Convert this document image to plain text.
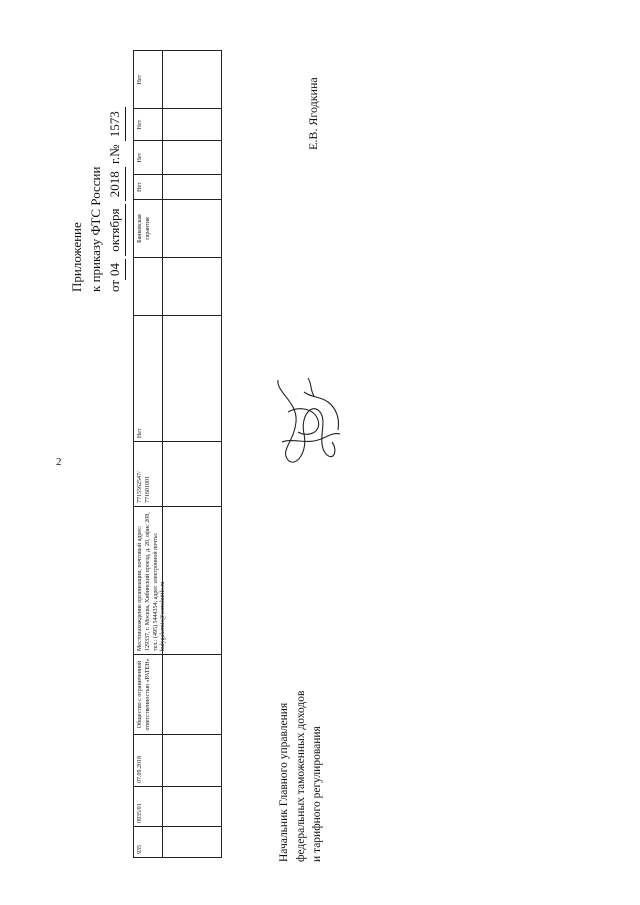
2
935
0935/01
07.09.2018
Общество с ограниченной ответственностью «РАТЕН»
Местонахождение организации, почтовый адрес: 129337, г. Москва, Хибинский проезд, д. 20, офис 208, тел.: (495) 5444354; адрес электронной почты: bulygakemic@comshuttle.ru
7715562547/ 771601001
Нет
Банковская гарантия
Нет
Нет
Нет
Нет
Приложение к приказу ФТС России от04 октября 2018 г.№ 1573
Начальник Главного управления федеральных таможенных доходов и тарифного регулирования
Е.В. Ягодкина
